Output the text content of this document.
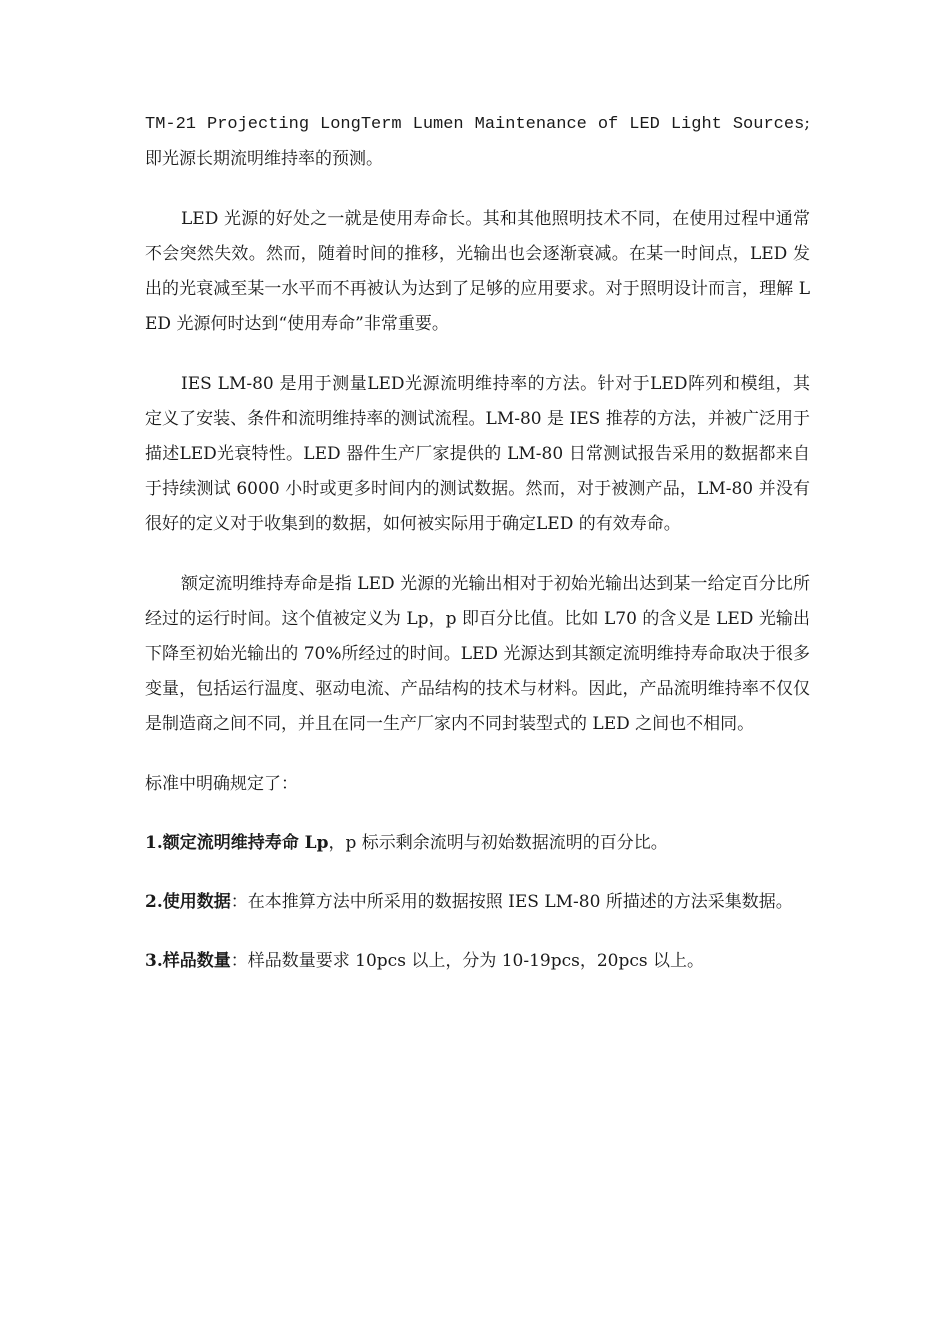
TM-21 Projecting LongTerm Lumen Maintenance of LED Light Sources; 即光源长期流明维持率的预测。

LED 光源的好处之一就是使用寿命长。其和其他照明技术不同，在使用过程中通常不会突然失效。然而，随着时间的推移，光输出也会逐渐衰减。在某一时间点，LED 发出的光衰减至某一水平而不再被认为达到了足够的应用要求。对于照明设计而言，理解 LED 光源何时达到“使用寿命”非常重要。

IES LM-80 是用于测量LED光源流明维持率的方法。针对于LED阵列和模组，其定义了安装、条件和流明维持率的测试流程。LM-80 是 IES 推荐的方法，并被广泛用于描述LED光衰特性。LED 器件生产厂家提供的 LM-80 日常测试报告采用的数据都来自于持续测试 6000 小时或更多时间内的测试数据。然而，对于被测产品，LM-80 并没有很好的定义对于收集到的数据，如何被实际用于确定LED 的有效寿命。

额定流明维持寿命是指 LED 光源的光输出相对于初始光输出达到某一给定百分比所经过的运行时间。这个值被定义为 Lp，p 即百分比值。比如 L70 的含义是 LED 光输出下降至初始光输出的 70%所经过的时间。LED 光源达到其额定流明维持寿命取决于很多变量，包括运行温度、驱动电流、产品结构的技术与材料。因此，产品流明维持率不仅仅是制造商之间不同，并且在同一生产厂家内不同封装型式的 LED 之间也不相同。

标准中明确规定了：

1.额定流明维持寿命 Lp，p 标示剩余流明与初始数据流明的百分比。

2.使用数据：在本推算方法中所采用的数据按照 IES LM-80 所描述的方法采集数据。

3.样品数量：样品数量要求 10pcs 以上，分为 10-19pcs，20pcs 以上。
